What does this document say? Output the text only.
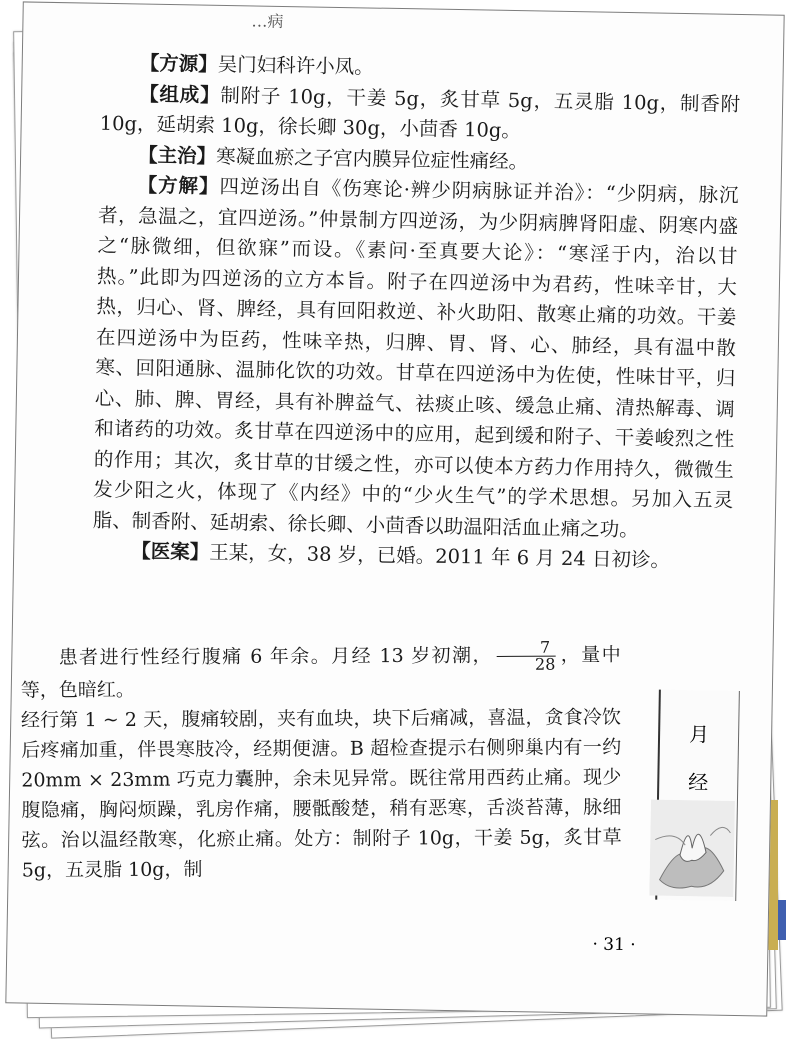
…病

【方源】吴门妇科许小凤。

【组成】制附子 10g，干姜 5g，炙甘草 5g，五灵脂 10g，制香附 10g，延胡索 10g，徐长卿 30g，小茴香 10g。

【主治】寒凝血瘀之子宫内膜异位症性痛经。

【方解】四逆汤出自《伤寒论·辨少阴病脉证并治》：“少阴病，脉沉者，急温之，宜四逆汤。”仲景制方四逆汤，为少阴病脾肾阳虚、阴寒内盛之“脉微细，但欲寐”而设。《素问·至真要大论》：“寒淫于内，治以甘热。”此即为四逆汤的立方本旨。附子在四逆汤中为君药，性味辛甘，大热，归心、肾、脾经，具有回阳救逆、补火助阳、散寒止痛的功效。干姜在四逆汤中为臣药，性味辛热，归脾、胃、肾、心、肺经，具有温中散寒、回阳通脉、温肺化饮的功效。甘草在四逆汤中为佐使，性味甘平，归心、肺、脾、胃经，具有补脾益气、祛痰止咳、缓急止痛、清热解毒、调和诸药的功效。炙甘草在四逆汤中的应用，起到缓和附子、干姜峻烈之性的作用；其次，炙甘草的甘缓之性，亦可以使本方药力作用持久，微微生发少阳之火，体现了《内经》中的“少火生气”的学术思想。另加入五灵脂、制香附、延胡索、徐长卿、小茴香以助温阳活血止痛之功。

【医案】王某，女，38 岁，已婚。2011 年 6 月 24 日初诊。

患者进行性经行腹痛 6 年余。月经 13 岁初潮， $\frac{7}{28}$ ，量中等，色暗红。

经行第 1 ~ 2 天，腹痛较剧，夹有血块，块下后痛减，喜温，贪食冷饮后疼痛加重，伴畏寒肢冷，经期便溏。B 超检查提示右侧卵巢内有一约 20mm × 23mm 巧克力囊肿，余未见异常。既往常用西药止痛。现少腹隐痛，胸闷烦躁，乳房作痛，腰骶酸楚，稍有恶寒，舌淡苔薄，脉细弦。治以温经散寒，化瘀止痛。处方：制附子 10g，干姜 5g，炙甘草 5g，五灵脂 10g，制

月
经
· 31 ·
